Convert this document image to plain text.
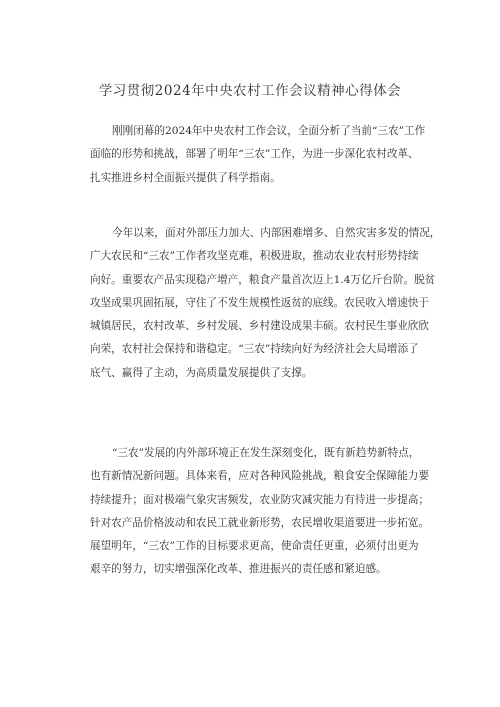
学习贯彻2024年中央农村工作会议精神心得体会
刚刚闭幕的2024年中央农村工作会议，全面分析了当前“三农”工作
面临的形势和挑战，部署了明年“三农”工作，为进一步深化农村改革、
扎实推进乡村全面振兴提供了科学指南。
今年以来，面对外部压力加大、内部困难增多、自然灾害多发的情况，
广大农民和“三农”工作者攻坚克难，积极进取，推动农业农村形势持续
向好。重要农产品实现稳产增产，粮食产量首次迈上1.4万亿斤台阶。脱贫
攻坚成果巩固拓展，守住了不发生规模性返贫的底线。农民收入增速快于
城镇居民，农村改革、乡村发展、乡村建设成果丰硕。农村民生事业欣欣
向荣，农村社会保持和谐稳定。“三农”持续向好为经济社会大局增添了
底气、赢得了主动，为高质量发展提供了支撑。
“三农”发展的内外部环境正在发生深刻变化，既有新趋势新特点，
也有新情况新问题。具体来看，应对各种风险挑战，粮食安全保障能力要
持续提升；面对极端气象灾害频发，农业防灾减灾能力有待进一步提高；
针对农产品价格波动和农民工就业新形势，农民增收渠道要进一步拓宽。
展望明年，“三农”工作的目标要求更高，使命责任更重，必须付出更为
艰辛的努力，切实增强深化改革、推进振兴的责任感和紧迫感。
